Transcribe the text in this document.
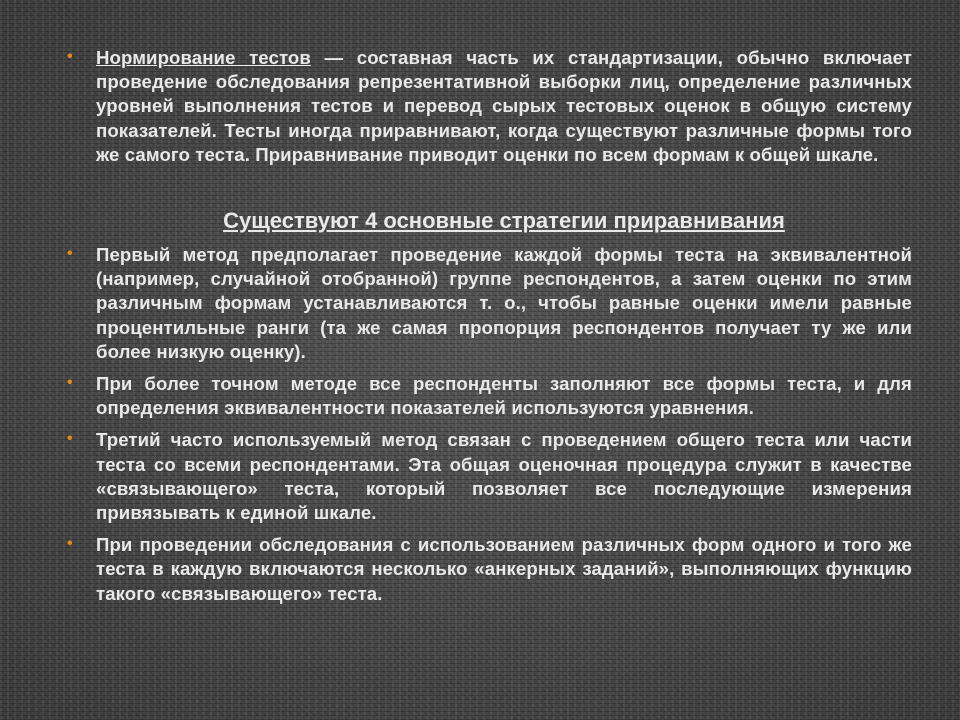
• Нормирование тестов — составная часть их стандартизации, обычно включает проведение обследования репрезентативной выборки лиц, определение различных уровней выполнения тестов и перевод сырых тестовых оценок в общую систему показателей. Тесты иногда приравнивают, когда существуют различные формы того же самого теста. Приравнивание приводит оценки по всем формам к общей шкале.
Существуют 4 основные стратегии приравнивания
• Первый метод предполагает проведение каждой формы теста на эквивалентной (например, случайной отобранной) группе респондентов, а затем оценки по этим различным формам устанавливаются т. о., чтобы равные оценки имели равные процентильные ранги (та же самая пропорция респондентов получает ту же или более низкую оценку).
• При более точном методе все респонденты заполняют все формы теста, и для определения эквивалентности показателей используются уравнения.
• Третий часто используемый метод связан с проведением общего теста или части теста со всеми респондентами. Эта общая оценочная процедура служит в качестве «связывающего» теста, который позволяет все последующие измерения привязывать к единой шкале.
• При проведении обследования с использованием различных форм одного и того же теста в каждую включаются несколько «анкерных заданий», выполняющих функцию такого «связывающего» теста.
